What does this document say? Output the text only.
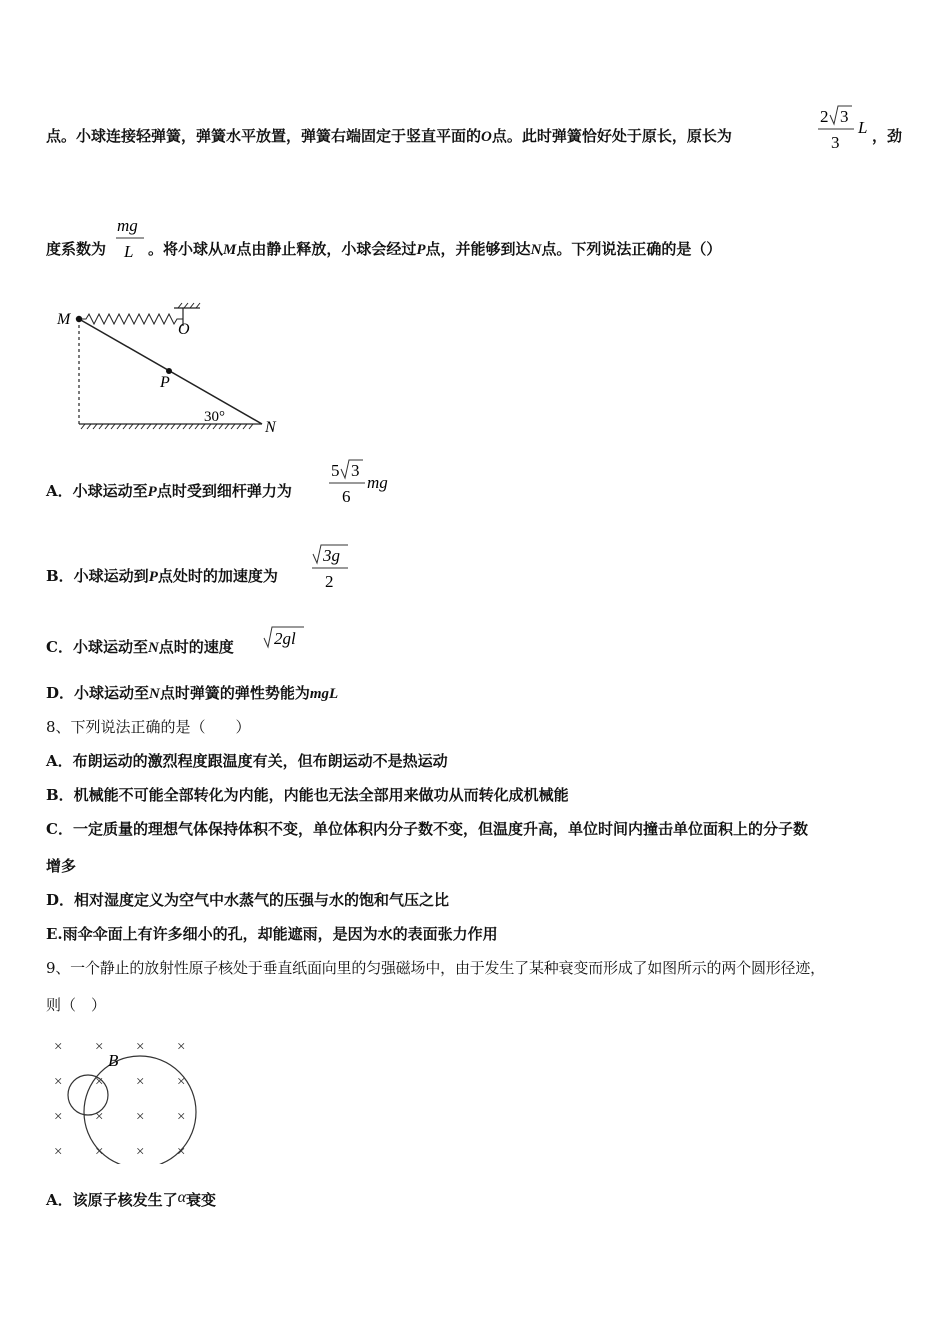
点。小球连接轻弹簧，弹簧水平放置，弹簧右端固定于竖直平面的O点。此时弹簧恰好处于原长，原长为
2 3
3
L ，劲
度系数为
mg
L 。将小球从M点由静止释放，小球会经过P点，并能够到达N点。下列说法正确的是（）
M
O
P
N
30°
A．小球运动至P点时受到细杆弹力为
5 3
6
mg
B．小球运动到P点处时的加速度为
3g
2
C．小球运动至N点时的速度 2gl
D．小球运动至N点时弹簧的弹性势能为mgL
8、下列说法正确的是（　　）
A．布朗运动的激烈程度跟温度有关，但布朗运动不是热运动
B．机械能不可能全部转化为内能，内能也无法全部用来做功从而转化成机械能
C．一定质量的理想气体保持体积不变，单位体积内分子数不变，但温度升高，单位时间内撞击单位面积上的分子数
增多
D．相对湿度定义为空气中水蒸气的压强与水的饱和气压之比
E.雨伞伞面上有许多细小的孔，却能遮雨，是因为水的表面张力作用
9、一个静止的放射性原子核处于垂直纸面向里的匀强磁场中，由于发生了某种衰变而形成了如图所示的两个圆形径迹，
则（　）
B
×	× ×
× × × ×
× × × ×
× × × ×
×
A．该原子核发生了α衰变
